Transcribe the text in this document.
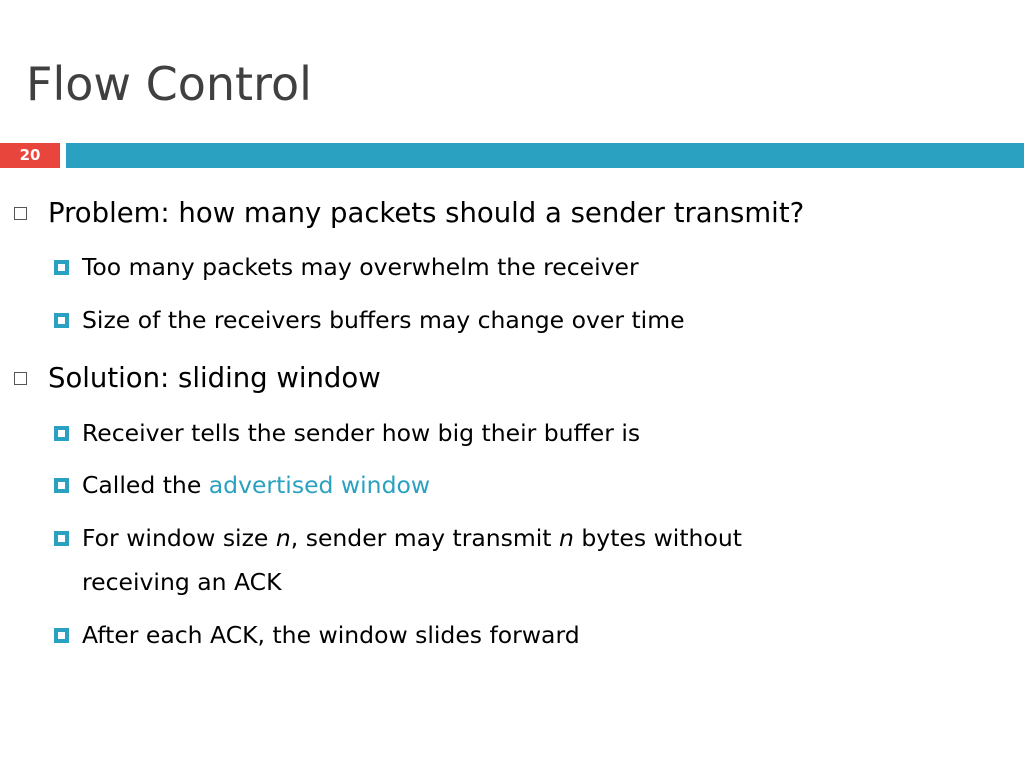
Flow Control
20
Problem: how many packets should a sender transmit?
Too many packets may overwhelm the receiver
Size of the receivers buffers may change over time
Solution: sliding window
Receiver tells the sender how big their buffer is
Called the advertised window
For window size n, sender may transmit n bytes without
receiving an ACK
After each ACK, the window slides forward
